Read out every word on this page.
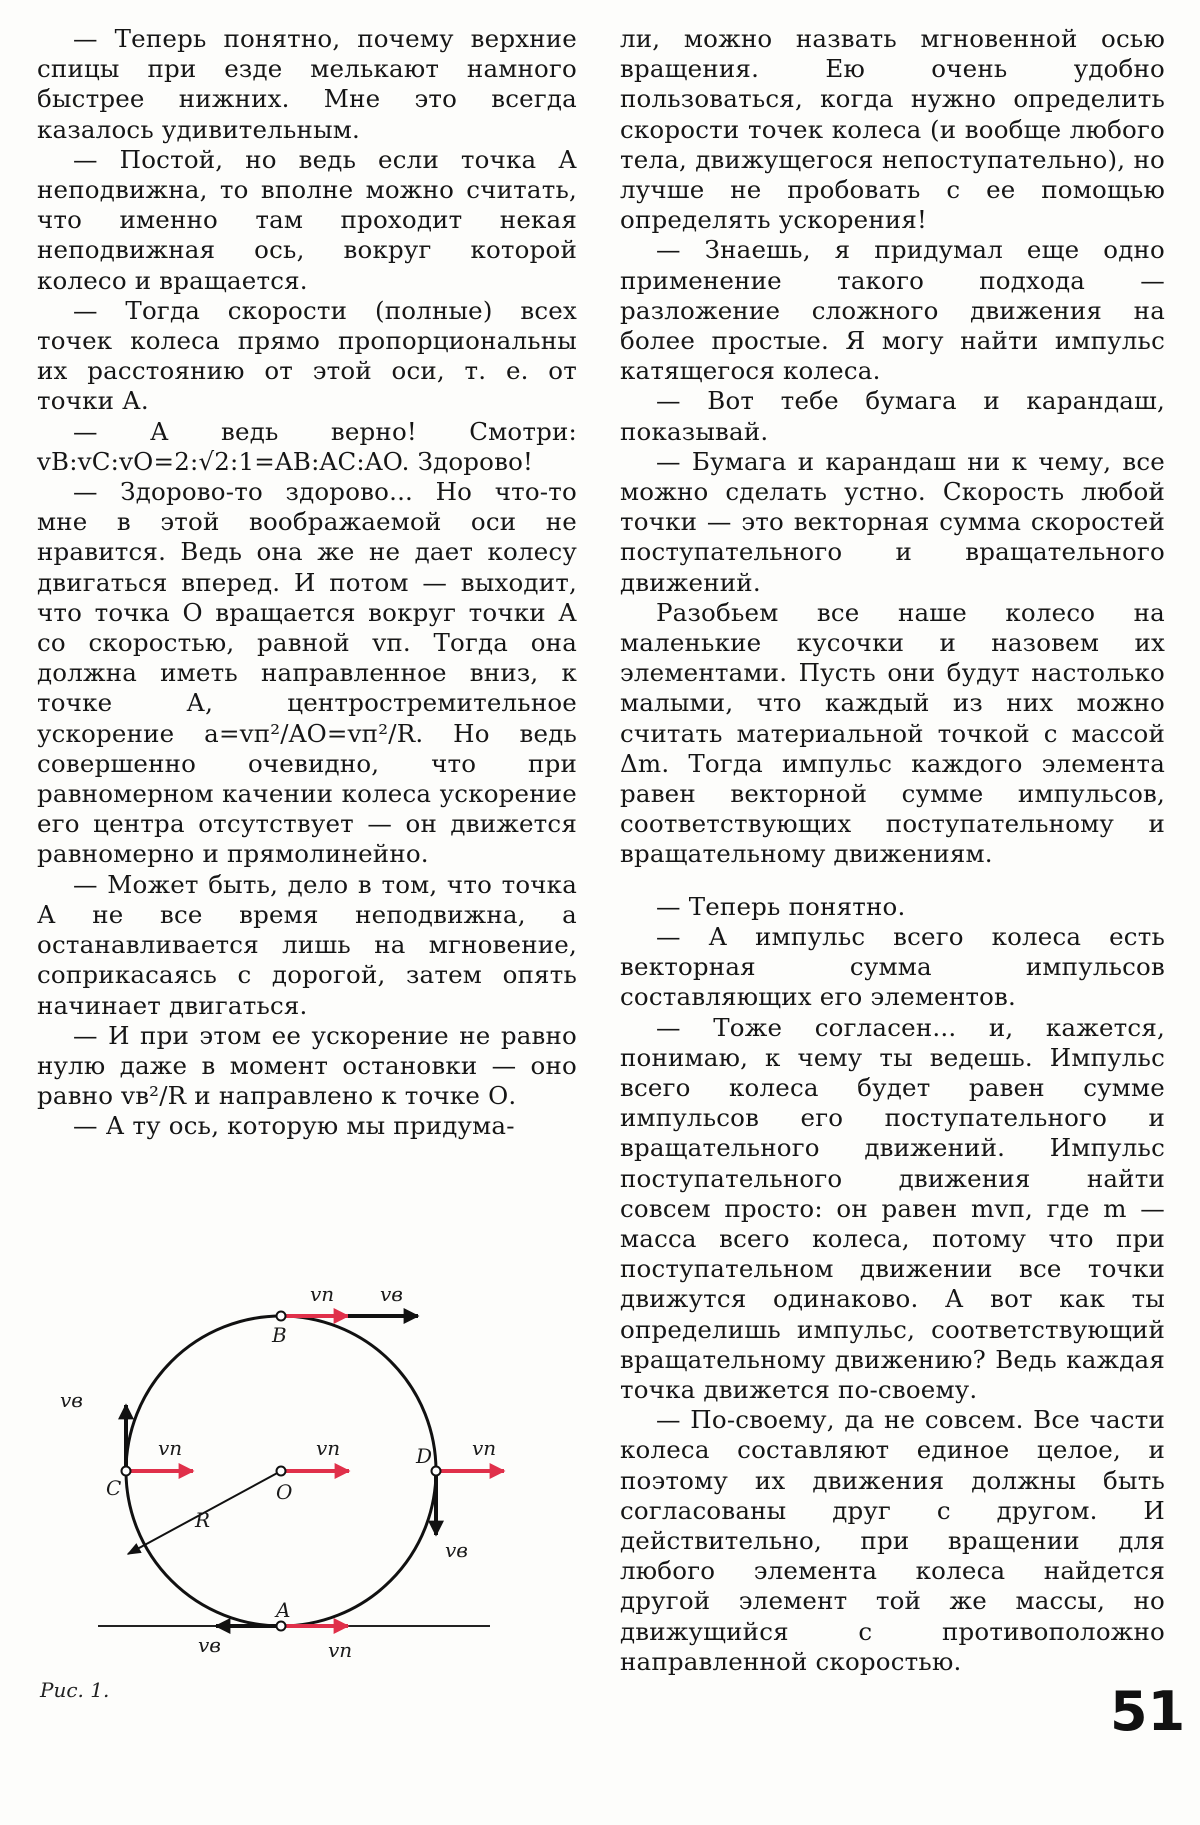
— Теперь понятно, почему верхние спицы при езде мелькают намного быстрее нижних. Мне это всегда казалось удивительным.

— Постой, но ведь если точка А неподвижна, то вполне можно считать, что именно там проходит некая неподвижная ось, вокруг которой колесо и вращается.

— Тогда скорости (полные) всех точек колеса прямо пропорциональны их расстоянию от этой оси, т. е. от точки А.

— А ведь верно! Смотри: vB:vC:vO=2:√2:1=AB:AC:AO. Здорово!

— Здорово-то здорово... Но что-то мне в этой воображаемой оси не нравится. Ведь она же не дает колесу двигаться вперед. И потом — выходит, что точка О вращается вокруг точки А со скоростью, равной vп. Тогда она должна иметь направленное вниз, к точке А, центростремительное ускорение a=vп²/AO=vп²/R. Но ведь совершенно очевидно, что при равномерном качении колеса ускорение его центра отсутствует — он движется равномерно и прямолинейно.

— Может быть, дело в том, что точка А не все время неподвижна, а останавливается лишь на мгновение, соприкасаясь с дорогой, затем опять начинает двигаться.

— И при этом ее ускорение не равно нулю даже в момент остановки — оно равно vв²/R и направлено к точке О.

— А ту ось, которую мы придума-

ли, можно назвать мгновенной осью вращения. Ею очень удобно пользоваться, когда нужно определить скорости точек колеса (и вообще любого тела, движущегося непоступательно), но лучше не пробовать с ее помощью определять ускорения!

— Знаешь, я придумал еще одно применение такого подхода — разложение сложного движения на более простые. Я могу найти импульс катящегося колеса.

— Вот тебе бумага и карандаш, показывай.

— Бумага и карандаш ни к чему, все можно сделать устно. Скорость любой точки — это векторная сумма скоростей поступательного и вращательного движений.

Разобьем все наше колесо на маленькие кусочки и назовем их элементами. Пусть они будут настолько малыми, что каждый из них можно считать материальной точкой с массой Δm. Тогда импульс каждого элемента равен векторной сумме импульсов, соответствующих поступательному и вращательному движениям.

— Теперь понятно.

— А импульс всего колеса есть векторная сумма импульсов составляющих его элементов.

— Тоже согласен... и, кажется, понимаю, к чему ты ведешь. Импульс всего колеса будет равен сумме импульсов его поступательного и вращательного движений. Импульс поступательного движения найти совсем просто: он равен mvп, где m — масса всего колеса, потому что при поступательном движении все точки движутся одинаково. А вот как ты определишь импульс, соответствующий вращательному движению? Ведь каждая точка движется по-своему.

— По-своему, да не совсем. Все части колеса составляют единое целое, и поэтому их движения должны быть согласованы друг с другом. И действительно, при вращении для любого элемента колеса найдется другой элемент той же массы, но движущийся с противоположно направленной скоростью.

B
C	O
D
A
R
vn vв
vв
vn	vn	vn
vв
vв	vn
Рис. 1.	51
